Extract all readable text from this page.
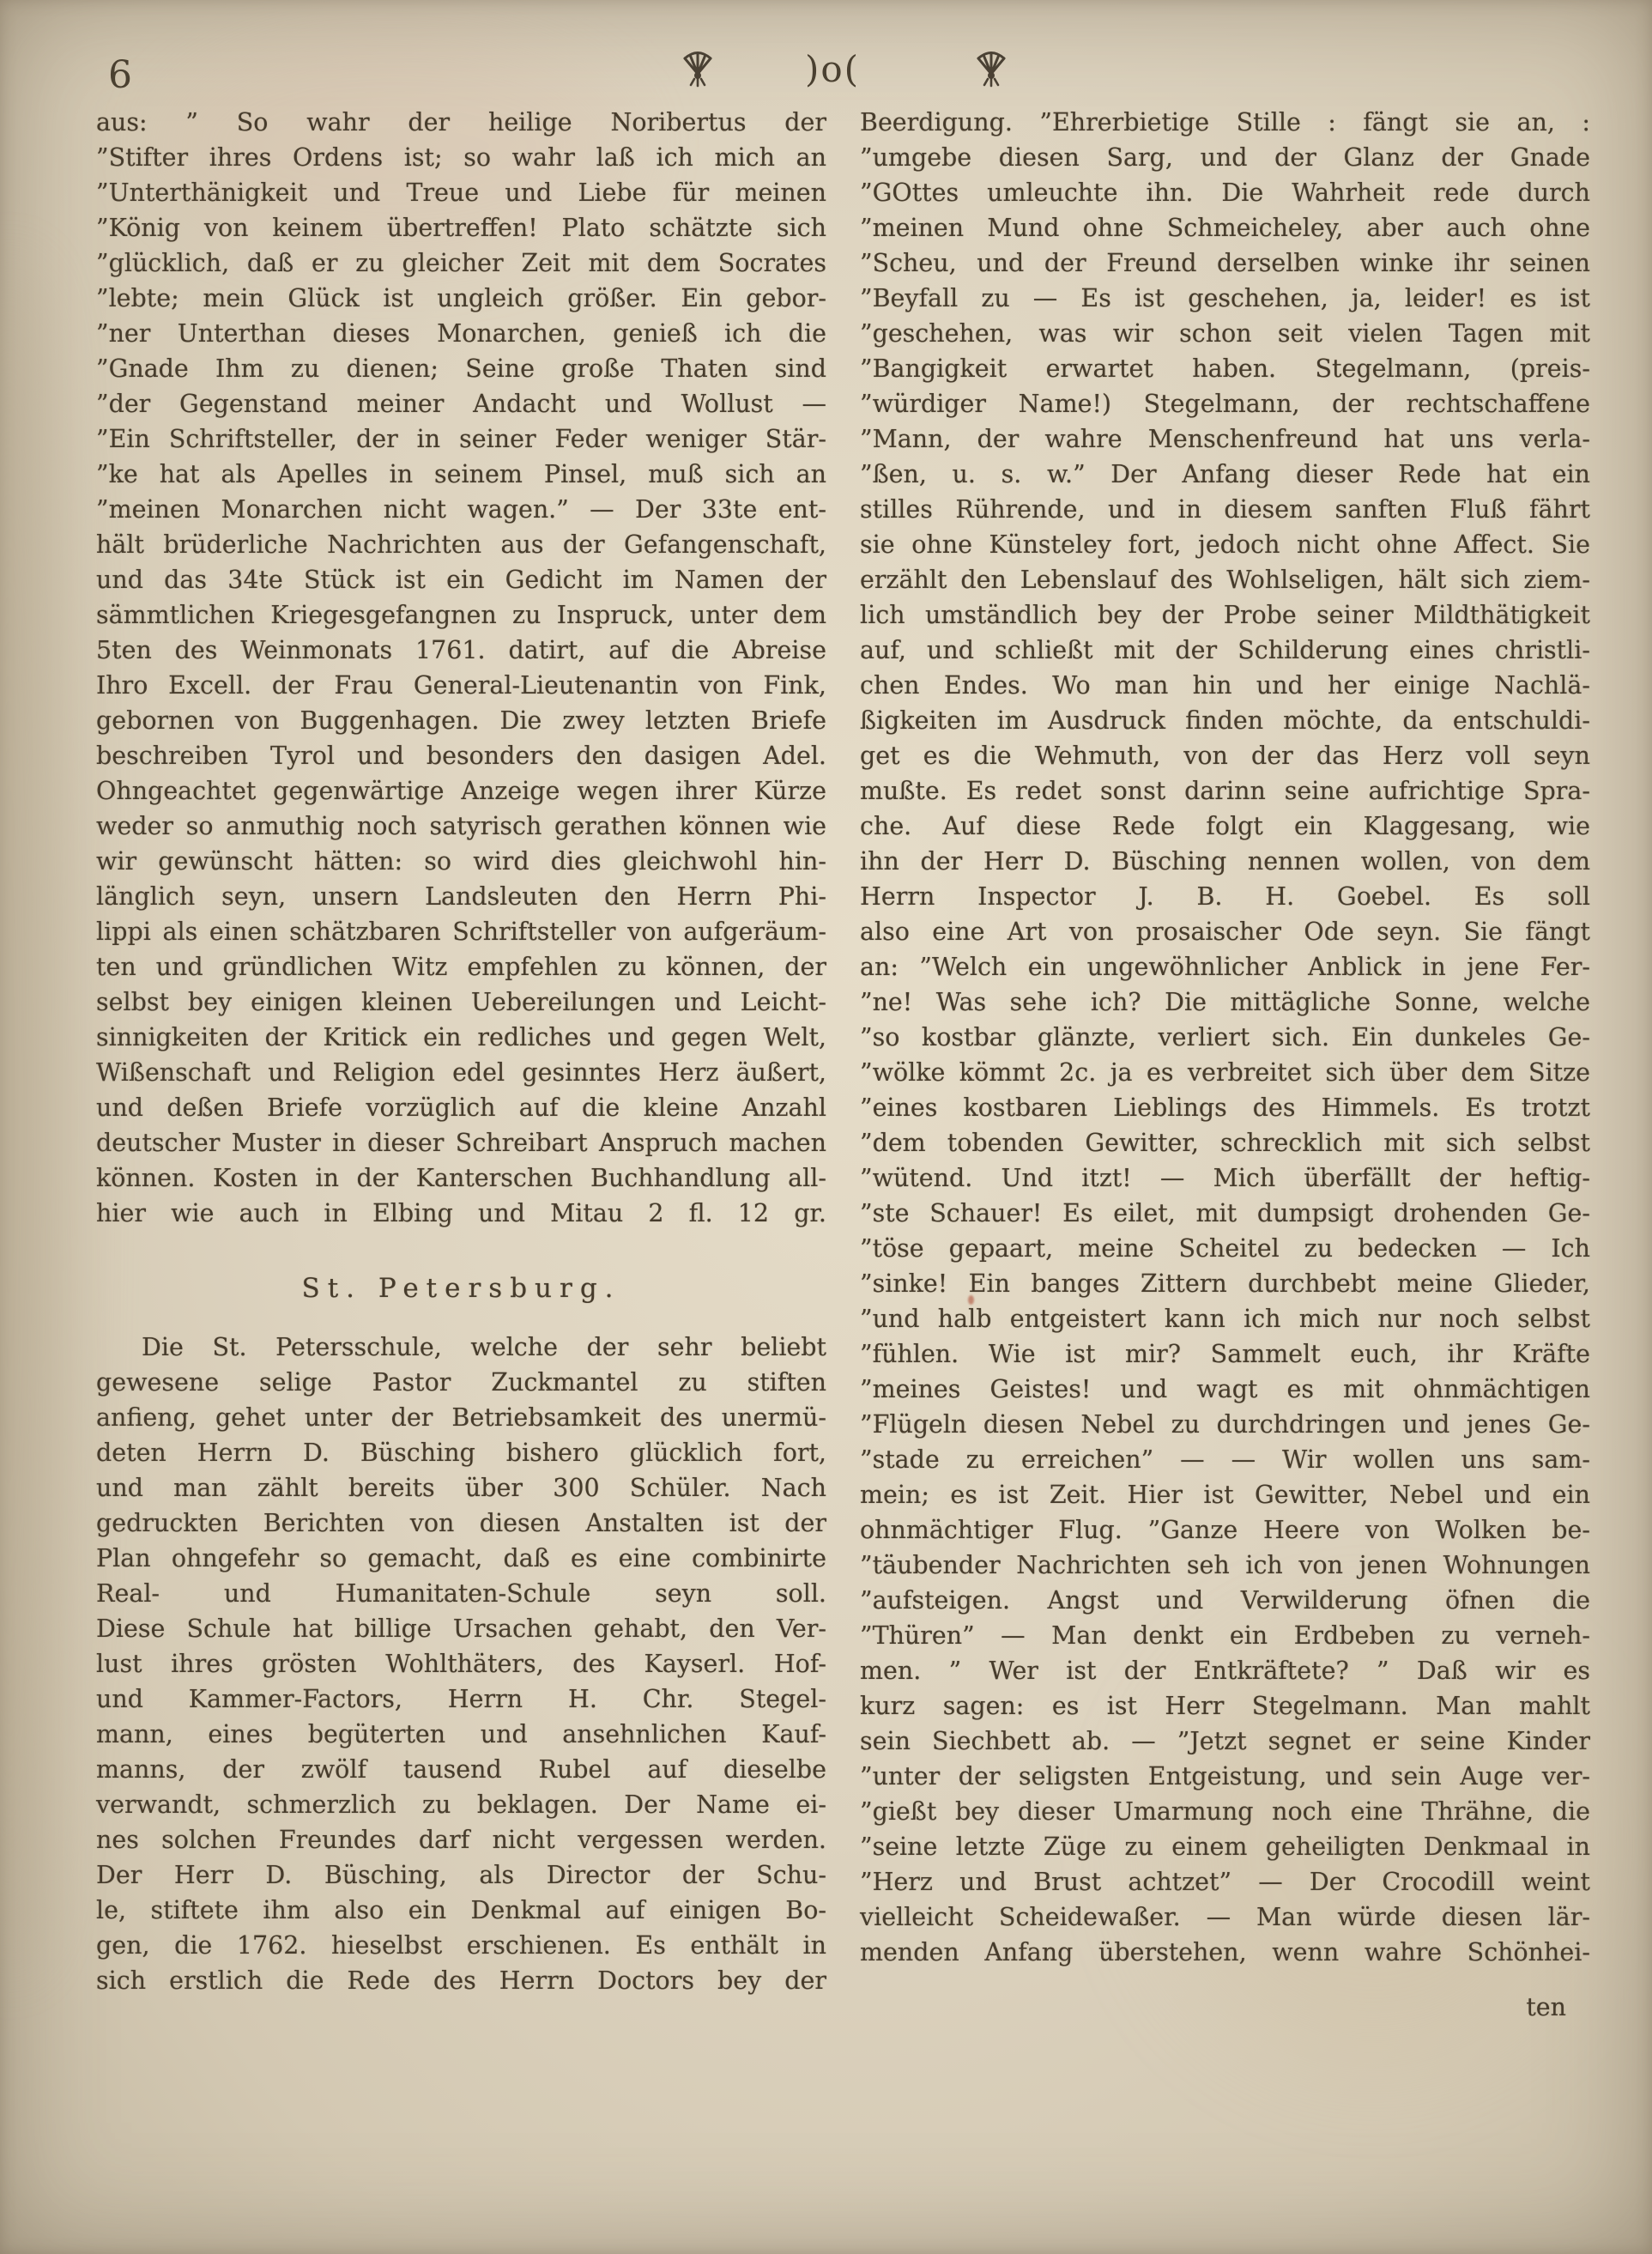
6	)o(
aus: ” So wahr der heilige Noribertus der
”Stifter ihres Ordens ist; so wahr laß ich mich an
”Unterthänigkeit und Treue und Liebe für meinen
”König von keinem übertreffen! Plato schätzte sich
”glücklich, daß er zu gleicher Zeit mit dem Socrates
”lebte; mein Glück ist ungleich größer. Ein gebor-
”ner Unterthan dieses Monarchen, genieß ich die
”Gnade Ihm zu dienen; Seine große Thaten sind
”der Gegenstand meiner Andacht und Wollust —
”Ein Schriftsteller, der in seiner Feder weniger Stär-
”ke hat als Apelles in seinem Pinsel, muß sich an
”meinen Monarchen nicht wagen.” — Der 33te ent-
hält brüderliche Nachrichten aus der Gefangenschaft,
und das 34te Stück ist ein Gedicht im Namen der
sämmtlichen Kriegesgefangnen zu Inspruck, unter dem
5ten des Weinmonats 1761. datirt, auf die Abreise
Ihro Excell. der Frau General-Lieutenantin von Fink,
gebornen von Buggenhagen. Die zwey letzten Briefe
beschreiben Tyrol und besonders den dasigen Adel.
Ohngeachtet gegenwärtige Anzeige wegen ihrer Kürze
weder so anmuthig noch satyrisch gerathen können wie
wir gewünscht hätten: so wird dies gleichwohl hin-
länglich seyn, unsern Landsleuten den Herrn Phi-
lippi als einen schätzbaren Schriftsteller von aufgeräum-
ten und gründlichen Witz empfehlen zu können, der
selbst bey einigen kleinen Uebereilungen und Leicht-
sinnigkeiten der Kritick ein redliches und gegen Welt,
Wißenschaft und Religion edel gesinntes Herz äußert,
und deßen Briefe vorzüglich auf die kleine Anzahl
deutscher Muster in dieser Schreibart Anspruch machen
können. Kosten in der Kanterschen Buchhandlung all-
hier wie auch in Elbing und Mitau 2 fl. 12 gr.
St. Petersburg.
Die St. Petersschule, welche der sehr beliebt
gewesene selige Pastor Zuckmantel zu stiften
anfieng, gehet unter der Betriebsamkeit des unermü-
deten Herrn D. Büsching bishero glücklich fort,
und man zählt bereits über 300 Schüler. Nach
gedruckten Berichten von diesen Anstalten ist der
Plan ohngefehr so gemacht, daß es eine combinirte
Real- und Humanitaten-Schule seyn soll.
Diese Schule hat billige Ursachen gehabt, den Ver-
lust ihres grösten Wohlthäters, des Kayserl. Hof-
und Kammer-Factors, Herrn H. Chr. Stegel-
mann, eines begüterten und ansehnlichen Kauf-
manns, der zwölf tausend Rubel auf dieselbe
verwandt, schmerzlich zu beklagen. Der Name ei-
nes solchen Freundes darf nicht vergessen werden.
Der Herr D. Büsching, als Director der Schu-
le, stiftete ihm also ein Denkmal auf einigen Bo-
gen, die 1762. hieselbst erschienen. Es enthält in
sich erstlich die Rede des Herrn Doctors bey der
Beerdigung. ”Ehrerbietige Stille : fängt sie an, :
”umgebe diesen Sarg, und der Glanz der Gnade
”GOttes umleuchte ihn. Die Wahrheit rede durch
”meinen Mund ohne Schmeicheley, aber auch ohne
”Scheu, und der Freund derselben winke ihr seinen
”Beyfall zu — Es ist geschehen, ja, leider! es ist
”geschehen, was wir schon seit vielen Tagen mit
”Bangigkeit erwartet haben. Stegelmann, (preis-
”würdiger Name!) Stegelmann, der rechtschaffene
”Mann, der wahre Menschenfreund hat uns verla-
”ßen, u. s. w.” Der Anfang dieser Rede hat ein
stilles Rührende, und in diesem sanften Fluß fährt
sie ohne Künsteley fort, jedoch nicht ohne Affect. Sie
erzählt den Lebenslauf des Wohlseligen, hält sich ziem-
lich umständlich bey der Probe seiner Mildthätigkeit
auf, und schließt mit der Schilderung eines christli-
chen Endes. Wo man hin und her einige Nachlä-
ßigkeiten im Ausdruck finden möchte, da entschuldi-
get es die Wehmuth, von der das Herz voll seyn
mußte. Es redet sonst darinn seine aufrichtige Spra-
che. Auf diese Rede folgt ein Klaggesang, wie
ihn der Herr D. Büsching nennen wollen, von dem
Herrn Inspector J. B. H. Goebel. Es soll
also eine Art von prosaischer Ode seyn. Sie fängt
an: ”Welch ein ungewöhnlicher Anblick in jene Fer-
”ne! Was sehe ich? Die mittägliche Sonne, welche
”so kostbar glänzte, verliert sich. Ein dunkeles Ge-
”wölke kömmt 2c. ja es verbreitet sich über dem Sitze
”eines kostbaren Lieblings des Himmels. Es trotzt
”dem tobenden Gewitter, schrecklich mit sich selbst
”wütend. Und itzt! — Mich überfällt der heftig-
”ste Schauer! Es eilet, mit dumpsigt drohenden Ge-
”töse gepaart, meine Scheitel zu bedecken — Ich
”sinke! Ein banges Zittern durchbebt meine Glieder,
”und halb entgeistert kann ich mich nur noch selbst
”fühlen. Wie ist mir? Sammelt euch, ihr Kräfte
”meines Geistes! und wagt es mit ohnmächtigen
”Flügeln diesen Nebel zu durchdringen und jenes Ge-
”stade zu erreichen” — — Wir wollen uns sam-
mein; es ist Zeit. Hier ist Gewitter, Nebel und ein
ohnmächtiger Flug. ”Ganze Heere von Wolken be-
”täubender Nachrichten seh ich von jenen Wohnungen
”aufsteigen. Angst und Verwilderung öfnen die
”Thüren” — Man denkt ein Erdbeben zu verneh-
men. ” Wer ist der Entkräftete? ” Daß wir es
kurz sagen: es ist Herr Stegelmann. Man mahlt
sein Siechbett ab. — ”Jetzt segnet er seine Kinder
”unter der seligsten Entgeistung, und sein Auge ver-
”gießt bey dieser Umarmung noch eine Thrähne, die
”seine letzte Züge zu einem geheiligten Denkmaal in
”Herz und Brust achtzet” — Der Crocodill weint
vielleicht Scheidewaßer. — Man würde diesen lär-
menden Anfang überstehen, wenn wahre Schönhei-
ten
